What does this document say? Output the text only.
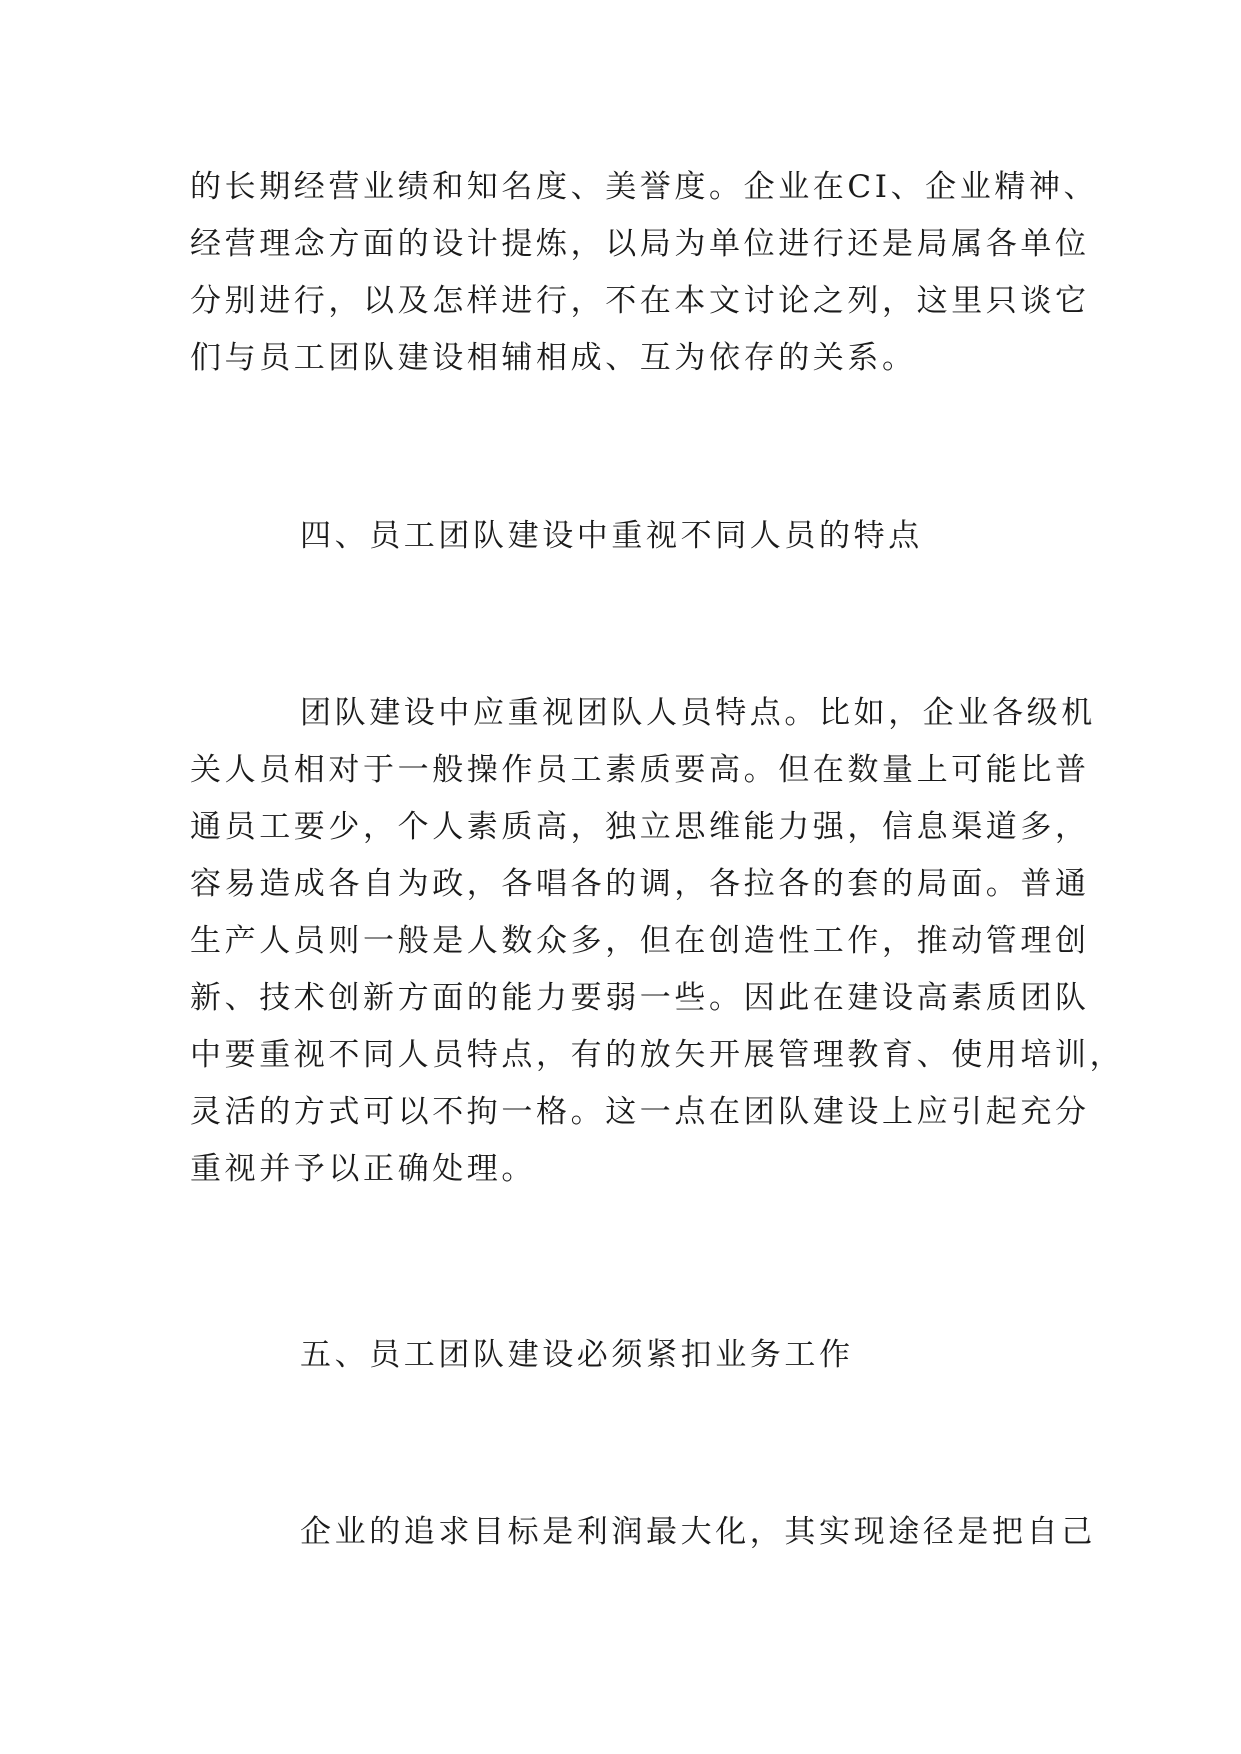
的长期经营业绩和知名度、美誉度。企业在CI、企业精神、
经营理念方面的设计提炼，以局为单位进行还是局属各单位
分别进行，以及怎样进行，不在本文讨论之列，这里只谈它
们与员工团队建设相辅相成、互为依存的关系。

四、员工团队建设中重视不同人员的特点

团队建设中应重视团队人员特点。比如，企业各级机
关人员相对于一般操作员工素质要高。但在数量上可能比普
通员工要少，个人素质高，独立思维能力强，信息渠道多，
容易造成各自为政，各唱各的调，各拉各的套的局面。普通
生产人员则一般是人数众多，但在创造性工作，推动管理创
新、技术创新方面的能力要弱一些。因此在建设高素质团队
中要重视不同人员特点，有的放矢开展管理教育、使用培训，
灵活的方式可以不拘一格。这一点在团队建设上应引起充分
重视并予以正确处理。

五、员工团队建设必须紧扣业务工作

企业的追求目标是利润最大化，其实现途径是把自己
